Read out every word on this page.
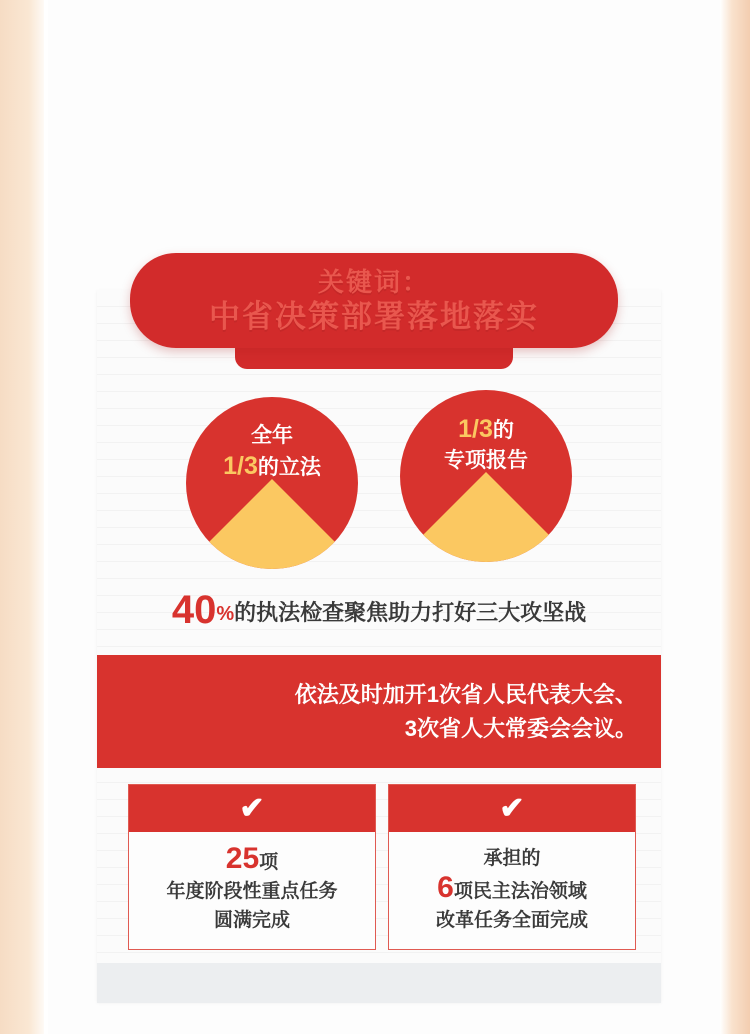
关键词：
中省决策部署落地落实
全年
1/3的立法
1/3的
专项报告
40%的执法检查聚焦助力打好三大攻坚战
依法及时加开1次省人民代表大会、
3次省人大常委会会议。
✔
25项
年度阶段性重点任务
圆满完成
✔
承担的
6项民主法治领域
改革任务全面完成
